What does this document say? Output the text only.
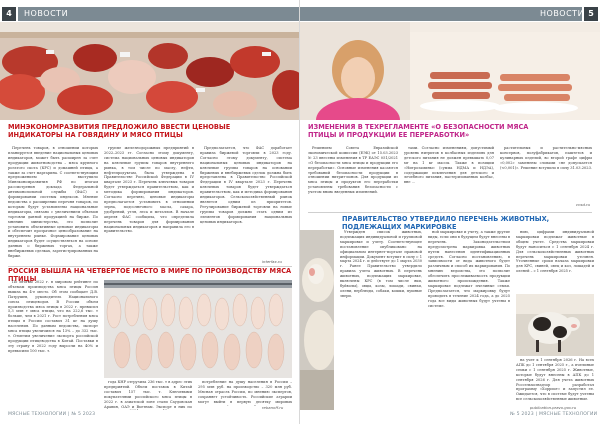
4	НОВОСТИ
МИНЭКОНОМРАЗВИТИЯ ПРЕДЛОЖИЛО ВВЕСТИ ЦЕНОВЫЕ ИНДИКАТОРЫ НА ГОВЯДИНУ И МЯСО ПТИЦЫ

Перечень товаров, в отношении которых планируется введение национальных ценовых индикаторов, может быть расширен за счет продукции животноводства – мяса крупного рогатого скота (КРС) и домашней птицы, а также за счет маргарина. С соответствующим предложением выступило Минэкономразвития РФ по итогам рассмотрения доклада Федеральной антимонопольной службы (ФАС) о формировании системы индексов. Мнение ведомства о расширении перечня товаров, по которым будут установлены национальные индикаторы, связано с увеличением объемов торговли данной продукцией на бирже. По мнению министерства, это позволит установить объективные ценовые индикаторы и обеспечит прозрачное ценообразование на внутреннем рынке. Формирование ценовых индикаторов будет осуществляться на основе данных о биржевых торгах, а также внебиржевых сделках, зарегистрированных на бирже.

группе железнодорожных предприятий в 2022–2023 гг. Согласно этому документу, система национальных ценовых индикаторов на ключевые группы товаров внутреннего рынка, в том числе по маслу, нефти, нефтепродуктам, была утверждена в Правительстве Российской Федерации в IV квартале 2023 г. Перечень ключевых товаров будет утверждаться правительством, как и методика формирования индикаторов. Согласно перечню, ценовые индикаторы предполагается установить в отношении зерна, подсолнечного масла, сахара, удобрений, угля, леса и металлов. В начале апреля ФАС сообщила, что определила перечень товаров для формирования национальных индикаторов и направила его в правительство.

Предполагается, что ФАС доработает правила биржевой торговли в 2023 году. Согласно этому документу, система национальных ценовых индикаторов на ключевые группы товаров на основании биржевых и внебиржевых сделок должна быть представлена в Правительство Российской Федерации в IV квартале 2023 г. Перечень ключевых товаров будет утверждаться правительством, как и методика формирования индикаторов. Сельскохозяйственный рынок является одним из приоритетов. Регулирование биржевой торговли на новые группы товаров должно стать одним из элементов формирования национальных ценовых индикаторов.

interfax.ru
РОССИЯ ВЫШЛА НА ЧЕТВЕРТОЕ МЕСТО В МИРЕ ПО ПРОИЗВОДСТВУ МЯСА ПТИЦЫ

По итогам 2022 г. в мировом рейтинге по объемам производства мяса птицы Россия вышла на 4-е место. Об этом сообщает Д.В. Патрушев, руководитель Национального союза птицеводов. В России объем производства мяса птицы в 2022 г. превысил 5,3 млн т мяса птицы, что на 222,6 тыс. т больше, чем в 2021 г. Рост потребления мяса птицы в России составил 31 кг на душу населения. По данным ведомства, экспорт мяса птицы увеличился на 13% – до 332 тыс. т. Отметим увеличение экспорта российской продукции птицеводства в Китай. Поставки в эту страну в 2022 году выросли на 40% и превысили 100 тыс. т.

года КНР отгрузила 236 тыс. т в адрес этих предприятий. Объем поставок в Китай составил 157 тыс. т. Ключевыми покупателями российского мяса птицы в 2022 г. в азиатской зоне стали Саудовская Аравия, ОАЭ и Вьетнам. Экспорт в них по

потребление на душу населения в России – 295 млн руб. на производство – 320 млн руб. Мясная отрасль России, по мнению экспертов, сохраняет устойчивость. Российские аграрии могут выйти в первую десятку мировых

rebanoff.ru
МЯСНЫЕ ТЕХНОЛОГИИ | № 5 2023
НОВОСТИ 5
ИЗМЕНЕНИЯ В ТЕХРЕГЛАМЕНТЕ «О БЕЗОПАСНОСТИ МЯСА ПТИЦЫ И ПРОДУКЦИИ ЕЕ ПЕРЕРАБОТКИ»

Решением Совета Евразийской экономической комиссии (ЕЭК) от 15.03.2023 № 23 внесены изменения в ТР ЕАЭС 051/2021 «О безопасности мяса птицы и продукции его переработки». Основные изменения касаются требований безопасности продукции в отношении нитрит-ионов. Для продукции из мяса птицы и продуктов его переработки установлены требования безопасности с учетом вновь введенных изменений.

тами. Согласно изменениям, допустимый уровень нитритов в колбасных изделиях для детского питания не должен превышать 0,07 мг на 1 кг массы. Также в позиции «Нитрозамины» (сумма НДМА и НДЭА), содержащие исключения для детского и лечебного питания, пастеризованных колбас, вне ...

растительных и растительно-мясных консервов, полуфабрикатов, паштетов и кулинарных изделий, во второй графе цифры «0,002» заменены словами «не допускается (<0,001)». Решение вступило в силу 31.03.2023.

cnsd.ru
ПРАВИТЕЛЬСТВО УТВЕРДИЛО ПЕРЕЧЕНЬ ЖИВОТНЫХ, ПОДЛЕЖАЩИХ МАРКИРОВКЕ

Утвержден список животных, подлежащих индивидуальной и групповой маркировке и учету. Соответствующее постановление опубликовано на официальном интернет-портале правовой информации. Документ вступит в силу с 1 марта 2024 г. и действует до 1 марта 2030 г. Ранее Правительство утвердило правила учета животных. В перечень животных, подлежащих маркировке, включены КРС (в том числе яки, буйволы), овцы, козы, лошади, свиньи, олени, верблюды, собаки, кошки, пушные звери.

ной маркировке и учету, а также другие виды, если они в будущем будут внесены в перечень. Законодательством предусмотрена маркировка животных путем нанесения идентификационных средств. Согласно постановлению, в зависимости от вида животного будет различным и способ их маркирования. По мнению ведомства, это позволит обеспечить прослеживаемость продукции животного происхождения. Также маркировке подлежат пчелиные семьи. Предполагается, что маркировку будут проводить в течение 2024 года, а до 2025 года все виды животных будут учтены в системе.

нию, цифрами индивидуальной маркировки подлежат животные в общем учете. Средства маркировки будут наноситься с 1 сентября 2024 г. Для сельскохозяйственных животных перечень маркировки уточнен. Уточненные сроки начала маркировки для КРС, свиней, овец и коз, лошадей и оленей – с 1 сентября 2025 г.

на учет к 1 сентября 2026 г. На всех АПК до 1 сентября 2025 г., а пчелиные семьи с 1 сентября 2025 г. Животные, которые будут внесены в АПК до 1 сентября 2026 г. Для учета животных Россельхознадзор разработал программу «Хорриот» и запустил ее. Ожидается, что в системе будут учтены все сельскохозяйственные животные.

publication.pravo.gov.ru
№ 5 2023 | МЯСНЫЕ ТЕХНОЛОГИИ
